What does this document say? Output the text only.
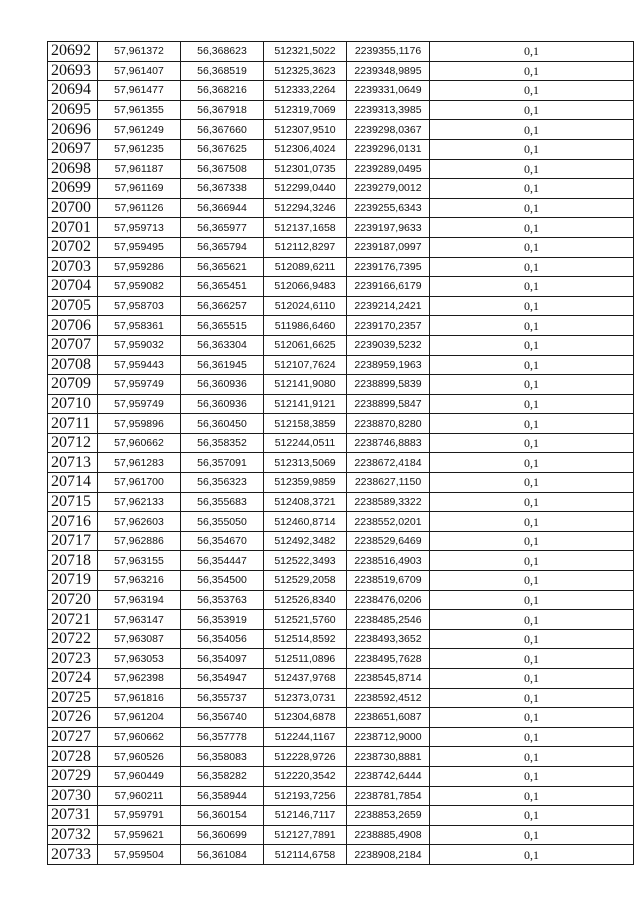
20692	57,961372	56,368623	512321,5022	2239355,1176	0,1
20693	57,961407	56,368519	512325,3623	2239348,9895	0,1
20694	57,961477	56,368216	512333,2264	2239331,0649	0,1
20695	57,961355	56,367918	512319,7069	2239313,3985	0,1
20696	57,961249	56,367660	512307,9510	2239298,0367	0,1
20697	57,961235	56,367625	512306,4024	2239296,0131	0,1
20698	57,961187	56,367508	512301,0735	2239289,0495	0,1
20699	57,961169	56,367338	512299,0440	2239279,0012	0,1
20700	57,961126	56,366944	512294,3246	2239255,6343	0,1
20701	57,959713	56,365977	512137,1658	2239197,9633	0,1
20702	57,959495	56,365794	512112,8297	2239187,0997	0,1
20703	57,959286	56,365621	512089,6211	2239176,7395	0,1
20704	57,959082	56,365451	512066,9483	2239166,6179	0,1
20705	57,958703	56,366257	512024,6110	2239214,2421	0,1
20706	57,958361	56,365515	511986,6460	2239170,2357	0,1
20707	57,959032	56,363304	512061,6625	2239039,5232	0,1
20708	57,959443	56,361945	512107,7624	2238959,1963	0,1
20709	57,959749	56,360936	512141,9080	2238899,5839	0,1
20710	57,959749	56,360936	512141,9121	2238899,5847	0,1
20711	57,959896	56,360450	512158,3859	2238870,8280	0,1
20712	57,960662	56,358352	512244,0511	2238746,8883	0,1
20713	57,961283	56,357091	512313,5069	2238672,4184	0,1
20714	57,961700	56,356323	512359,9859	2238627,1150	0,1
20715	57,962133	56,355683	512408,3721	2238589,3322	0,1
20716	57,962603	56,355050	512460,8714	2238552,0201	0,1
20717	57,962886	56,354670	512492,3482	2238529,6469	0,1
20718	57,963155	56,354447	512522,3493	2238516,4903	0,1
20719	57,963216	56,354500	512529,2058	2238519,6709	0,1
20720	57,963194	56,353763	512526,8340	2238476,0206	0,1
20721	57,963147	56,353919	512521,5760	2238485,2546	0,1
20722	57,963087	56,354056	512514,8592	2238493,3652	0,1
20723	57,963053	56,354097	512511,0896	2238495,7628	0,1
20724	57,962398	56,354947	512437,9768	2238545,8714	0,1
20725	57,961816	56,355737	512373,0731	2238592,4512	0,1
20726	57,961204	56,356740	512304,6878	2238651,6087	0,1
20727	57,960662	56,357778	512244,1167	2238712,9000	0,1
20728	57,960526	56,358083	512228,9726	2238730,8881	0,1
20729	57,960449	56,358282	512220,3542	2238742,6444	0,1
20730	57,960211	56,358944	512193,7256	2238781,7854	0,1
20731	57,959791	56,360154	512146,7117	2238853,2659	0,1
20732	57,959621	56,360699	512127,7891	2238885,4908	0,1
20733	57,959504	56,361084	512114,6758	2238908,2184	0,1
